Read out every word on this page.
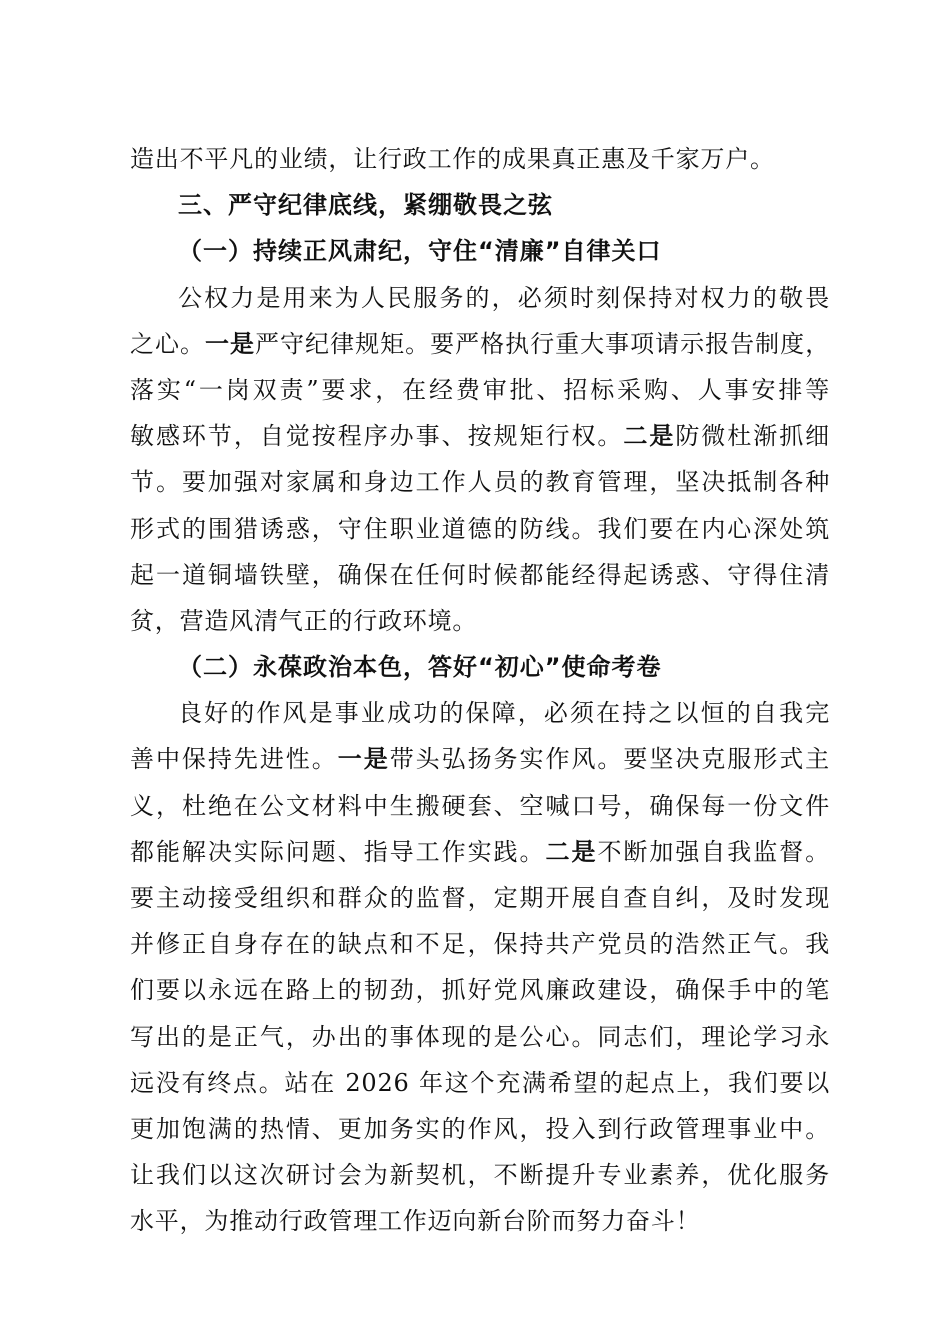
造出不平凡的业绩，让行政工作的成果真正惠及千家万户。
三、严守纪律底线，紧绷敬畏之弦
（一）持续正风肃纪，守住“清廉”自律关口
公权力是用来为人民服务的，必须时刻保持对权力的敬畏
之心。一是严守纪律规矩。要严格执行重大事项请示报告制度，
落实“一岗双责”要求，在经费审批、招标采购、人事安排等
敏感环节，自觉按程序办事、按规矩行权。二是防微杜渐抓细
节。要加强对家属和身边工作人员的教育管理，坚决抵制各种
形式的围猎诱惑，守住职业道德的防线。我们要在内心深处筑
起一道铜墙铁壁，确保在任何时候都能经得起诱惑、守得住清
贫，营造风清气正的行政环境。
（二）永葆政治本色，答好“初心”使命考卷
良好的作风是事业成功的保障，必须在持之以恒的自我完
善中保持先进性。一是带头弘扬务实作风。要坚决克服形式主
义，杜绝在公文材料中生搬硬套、空喊口号，确保每一份文件
都能解决实际问题、指导工作实践。二是不断加强自我监督。
要主动接受组织和群众的监督，定期开展自查自纠，及时发现
并修正自身存在的缺点和不足，保持共产党员的浩然正气。我
们要以永远在路上的韧劲，抓好党风廉政建设，确保手中的笔
写出的是正气，办出的事体现的是公心。同志们，理论学习永
远没有终点。站在 2026 年这个充满希望的起点上，我们要以
更加饱满的热情、更加务实的作风，投入到行政管理事业中。
让我们以这次研讨会为新契机，不断提升专业素养，优化服务
水平，为推动行政管理工作迈向新台阶而努力奋斗！
